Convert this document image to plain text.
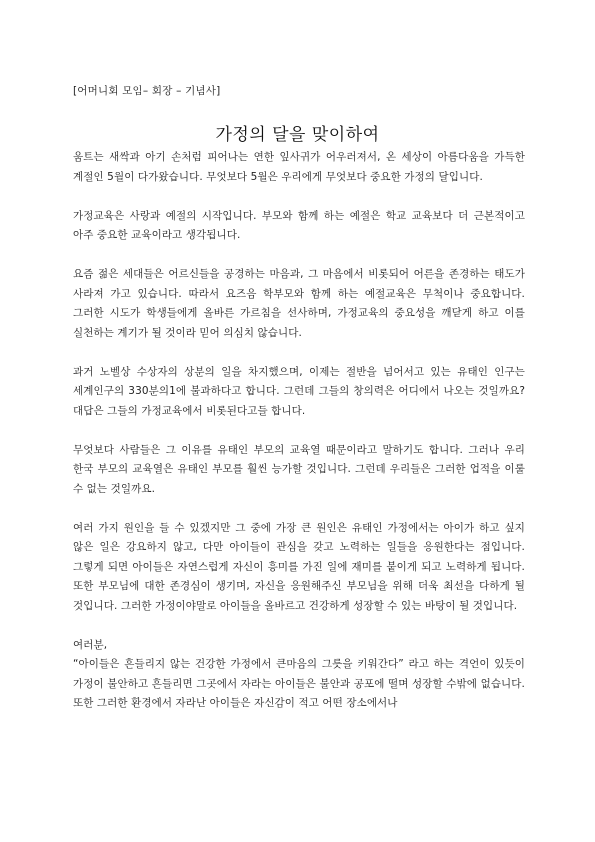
[어머니회 모임– 회장 – 기념사]
가정의 달을 맞이하여

움트는 새싹과 아기 손처럼 피어나는 연한 잎사귀가 어우러져서, 온 세상이 아름다움을 가득한 계절인 5월이 다가왔습니다. 무엇보다 5월은 우리에게 무엇보다 중요한 가정의 달입니다.

가정교육은 사랑과 예절의 시작입니다. 부모와 함께 하는 예절은 학교 교육보다 더 근본적이고 아주 중요한 교육이라고 생각됩니다.

요즘 젊은 세대들은 어르신들을 공경하는 마음과, 그 마음에서 비롯되어 어른을 존경하는 태도가 사라져 가고 있습니다. 따라서 요즈음 학부모와 함께 하는 예절교육은 무척이나 중요합니다. 그러한 시도가 학생들에게 올바른 가르침을 선사하며, 가정교육의 중요성을 깨닫게 하고 이를 실천하는 계기가 될 것이라 믿어 의심치 않습니다.

과거 노벨상 수상자의 상분의 일을 차지했으며, 이제는 절반을 넘어서고 있는 유태인 인구는 세계인구의 330분의1에 불과하다고 합니다. 그런데 그들의 창의력은 어디에서 나오는 것일까요? 대답은 그들의 가정교육에서 비롯된다고들 합니다.

무엇보다 사람들은 그 이유를 유태인 부모의 교육열 때문이라고 말하기도 합니다. 그러나 우리 한국 부모의 교육열은 유태인 부모를 훨씬 능가할 것입니다. 그런데 우리들은 그러한 업적을 이룰 수 없는 것일까요.

여러 가지 원인을 들 수 있겠지만 그 중에 가장 큰 원인은 유태인 가정에서는 아이가 하고 싶지 않은 일은 강요하지 않고, 다만 아이들이 관심을 갖고 노력하는 일들을 응원한다는 점입니다. 그렇게 되면 아이들은 자연스럽게 자신이 흥미를 가진 일에 재미를 붙이게 되고 노력하게 됩니다. 또한 부모님에 대한 존경심이 생기며, 자신을 응원해주신 부모님을 위해 더욱 최선을 다하게 될 것입니다. 그러한 가정이야말로 아이들을 올바르고 건강하게 성장할 수 있는 바탕이 될 것입니다.

여러분,

“아이들은 흔들리지 않는 건강한 가정에서 큰마음의 그릇을 키워간다” 라고 하는 격언이 있듯이 가정이 불안하고 흔들리면 그곳에서 자라는 아이들은 불안과 공포에 떨며 성장할 수밖에 없습니다. 또한 그러한 환경에서 자라난 아이들은 자신감이 적고 어떤 장소에서나
